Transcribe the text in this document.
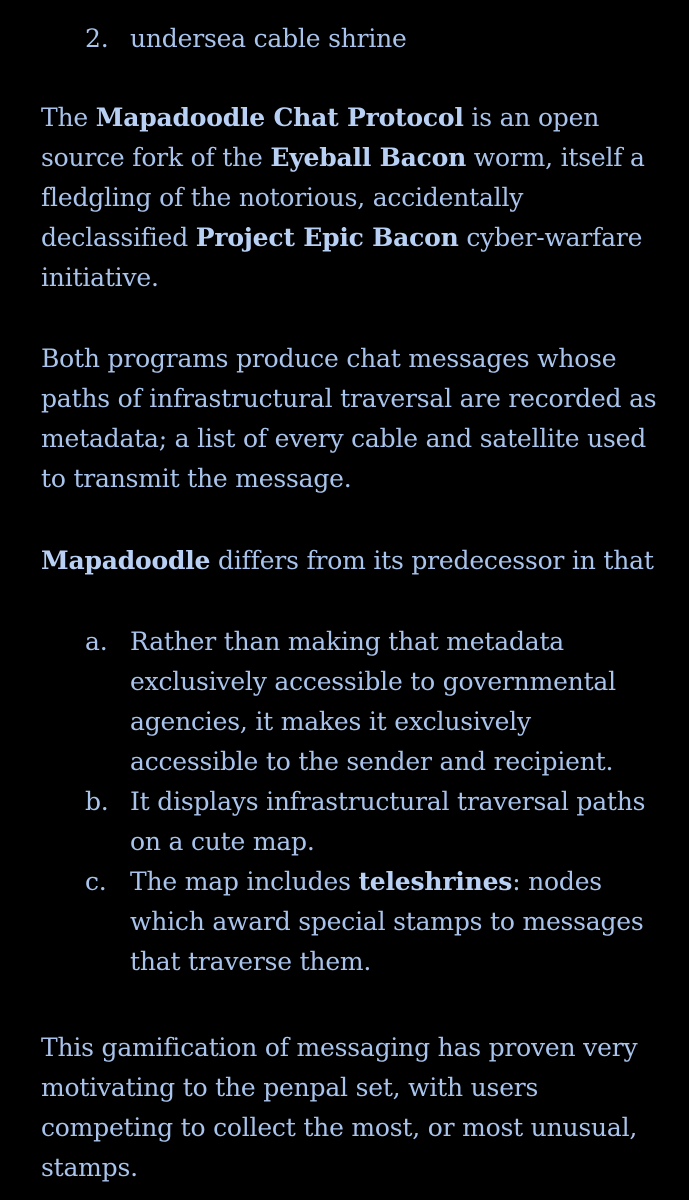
2. undersea cable shrine

The Mapadoodle Chat Protocol is an open source fork of the Eyeball Bacon worm, itself a fledgling of the notorious, accidentally declassified Project Epic Bacon cyber-warfare initiative.

Both programs produce chat messages whose paths of infrastructural traversal are recorded as metadata; a list of every cable and satellite used to transmit the message.

Mapadoodle differs from its predecessor in that

a. Rather than making that metadata exclusively accessible to governmental agencies, it makes it exclusively accessible to the sender and recipient.
b. It displays infrastructural traversal paths on a cute map.
c. The map includes teleshrines: nodes which award special stamps to messages that traverse them.

This gamification of messaging has proven very motivating to the penpal set, with users competing to collect the most, or most unusual, stamps.
